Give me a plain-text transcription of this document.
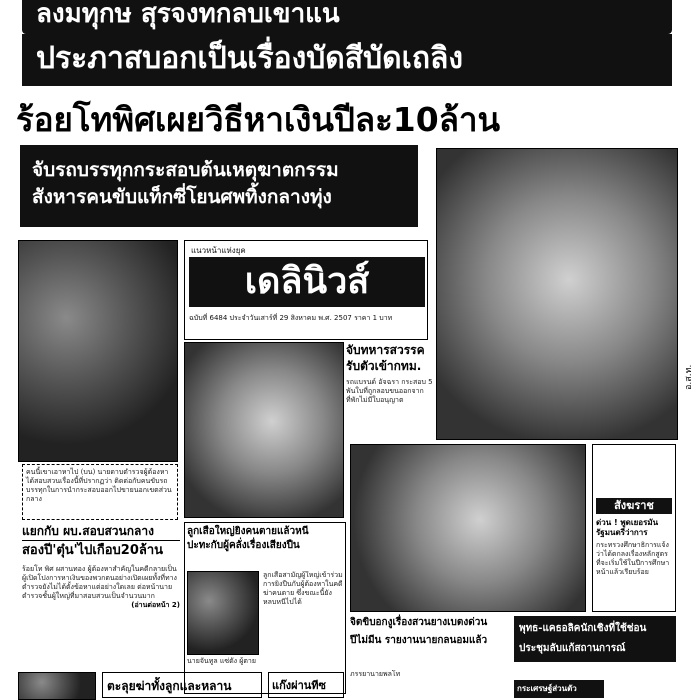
ลงมทุกษ สุรจงทกลบเขาแน
ประภาสบอกเป็นเรื่องบัดสีบัดเถลิง
ร้อยโทพิศเผยวิธีหาเงินปีละ10ล้าน
จับรถบรรทุกกระสอบต้นเหตุฆาตกรรม
สังหารคนขับแท็กซี่โยนศพทิ้งกลางทุ่ง
อ.ส.ท.
แนวหน้าแห่งยุค
เดลินิวส์
ฉบับที่ 6484 ประจำวันเสาร์ที่ 29 สิงหาคม พ.ศ. 2507 ราคา 1 บาท
จับทหารสวรรค
รับตัวเข้ากทม.
รถแบรนด์ อัจฉรา กระสอบ 5 พันใบที่ถูกลอบขนออกจากที่พักไม่มีใบอนุญาต
คนนี้เขาเอาหาไป (บน) นายดาบตำรวจผู้ต้องหา ได้สอบสวนเรื่องนี้ที่ปรากฏว่า ติดต่อกับคนขับรถบรรทุกในการนำกระสอบออกไปขายนอกเขตส่วนกลาง	สังฆราช
ด่วน ! พูดเยอรมัน รัฐมนตรีว่าการ
กระทรวงศึกษาธิการแจ้งว่าได้ตกลงเรื่องหลักสูตรที่จะเริ่มใช้ในปีการศึกษาหน้าแล้วเรียบร้อย
ลูกเสือใหญ่ยิงคนตายแล้วหนี
ปะทะกับผู้คลั่งเรื่องเสียงปืน
ลูกเสือสามัญผู้ใหญ่เข้าร่วมการยิงปืนกับผู้ต้องหาในคดีฆ่าคนตาย ซึ่งขณะนี้ยังหลบหนีไปได้
นายจันทูล แซ่ตั้ง ผู้ตาย
แยกกับ ผบ.สอบสวนกลาง
สองปี'ตุ๋น'ไปเกือบ20ล้าน
ร้อยโท พิศ ผสานทอง ผู้ต้องหาสำคัญในคดีกลายเป็นผู้เปิดโปงการหาเงินของพวกตนอย่างเปิดเผยทั้งที่ทางตำรวจยังไม่ได้ตั้งข้อหาแต่อย่างใดเลย ต่อหน้านายตำรวจชั้นผู้ใหญ่ที่มาสอบสวนเป็นจำนวนมาก
(อ่านต่อหน้า 2)
จิตขิบอกงูเรื่องสวนยางเบตงด่วน
ปีไม่มีน รายงานนายกลนอมแล้ว
พุทธ-แคธอลิคนักเชิงที่ใช้ช่อน
ประชุมลับแก้สถานการณ์
ตะลุยฆ่าทั้งลูกและหลาน	แก๊งผ่านทีซ
ภรรยานายพลโท
กระเศรษฐ์ส่วนตัว
